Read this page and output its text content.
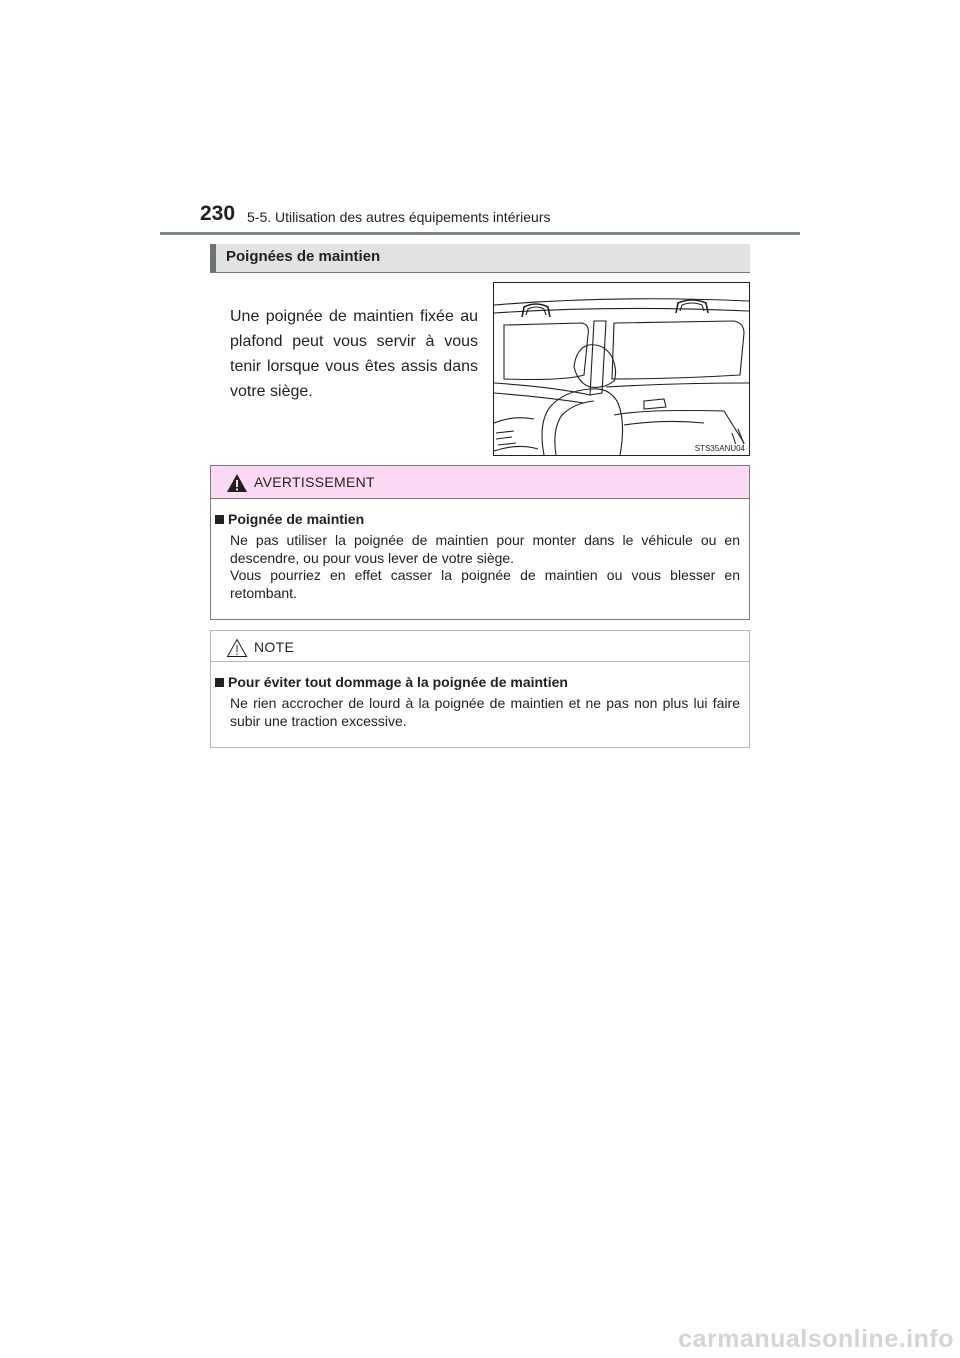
230 5-5. Utilisation des autres équipements intérieurs
Poignées de maintien
Une poignée de maintien fixée au plafond peut vous servir à vous tenir lorsque vous êtes assis dans votre siège.
STS35ANU04
AVERTISSEMENT
Poignée de maintien
Ne pas utiliser la poignée de maintien pour monter dans le véhicule ou en descendre, ou pour vous lever de votre siège.
Vous pourriez en effet casser la poignée de maintien ou vous blesser en retombant.
NOTE
Pour éviter tout dommage à la poignée de maintien
Ne rien accrocher de lourd à la poignée de maintien et ne pas non plus lui faire subir une traction excessive.
carmanualsonline.info
